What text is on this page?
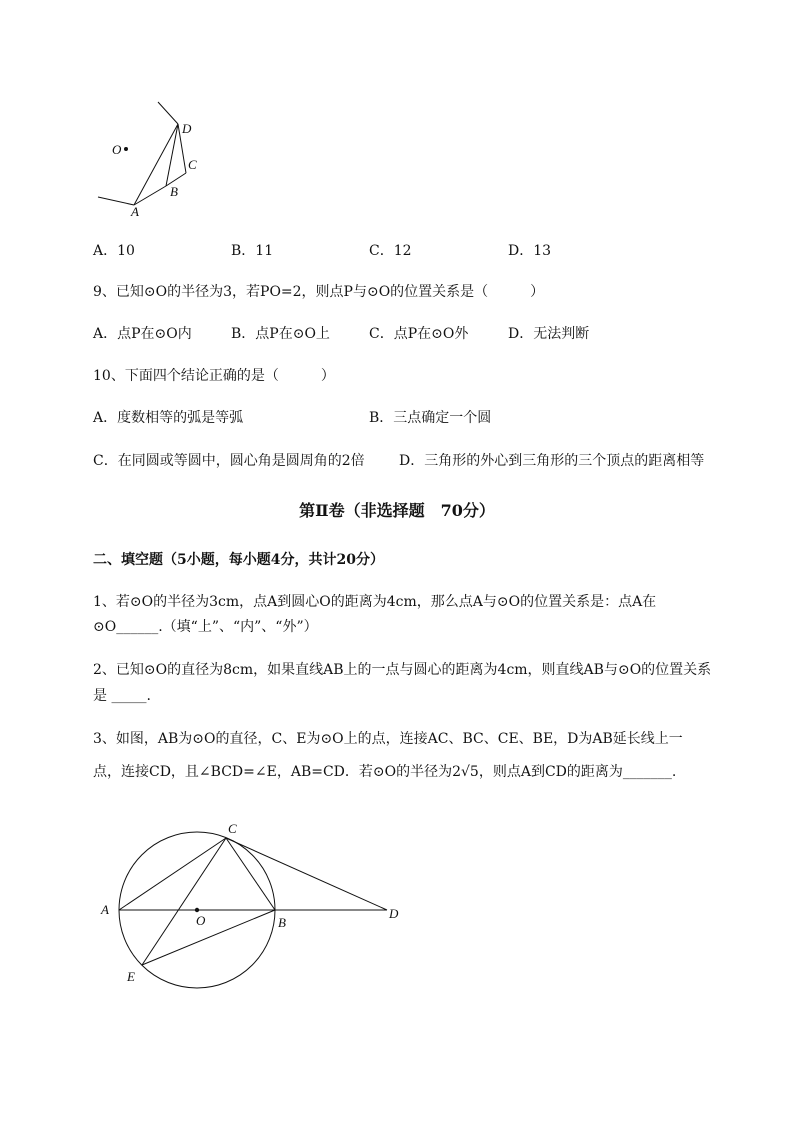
O
D
C
B
A
A．10	B．11	C．12	D．13
9、已知⊙O的半径为3，若PO=2，则点P与⊙O的位置关系是（　　　）
A．点P在⊙O内	B．点P在⊙O上	C．点P在⊙O外	D．无法判断
10、下面四个结论正确的是（　　　）
A．度数相等的弧是等弧	B．三点确定一个圆
C．在同圆或等圆中，圆心角是圆周角的2倍 D．三角形的外心到三角形的三个顶点的距离相等
第Ⅱ卷（非选择题　70分）
二、填空题（5小题，每小题4分，共计20分）
1、若⊙O的半径为3cm，点A到圆心O的距离为4cm，那么点A与⊙O的位置关系是：点A在
⊙O______.（填“上”、“内”、“外”）
2、已知⊙O的直径为8cm，如果直线AB上的一点与圆心的距离为4cm，则直线AB与⊙O的位置关系
是 _____.
3、如图，AB为⊙O的直径，C、E为⊙O上的点，连接AC、BC、CE、BE，D为AB延长线上一
点，连接CD，且∠BCD=∠E，AB=CD．若⊙O的半径为2√5，则点A到CD的距离为_______.
C
A
O	B
D
E
